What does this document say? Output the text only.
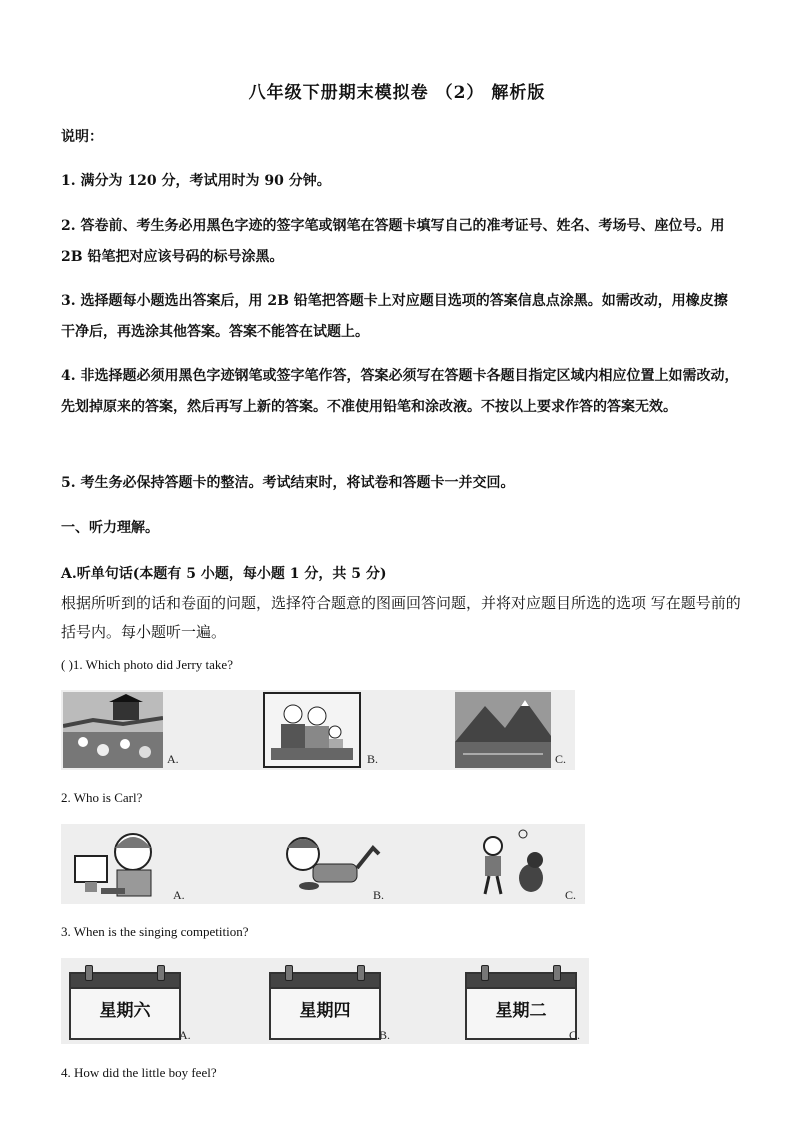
八年级下册期末模拟卷 （2） 解析版
说明：
1. 满分为 120 分，考试用时为 90 分钟。
2. 答卷前、考生务必用黑色字迹的签字笔或钢笔在答题卡填写自己的准考证号、姓名、考场号、座位号。用 2B 铅笔把对应该号码的标号涂黑。
3. 选择题每小题选出答案后，用 2B 铅笔把答题卡上对应题目选项的答案信息点涂黑。如需改动，用橡皮擦干净后，再选涂其他答案。答案不能答在试题上。
4. 非选择题必须用黑色字迹钢笔或签字笔作答，答案必须写在答题卡各题目指定区域内相应位置上如需改动，先划掉原来的答案，然后再写上新的答案。不准使用铅笔和涂改液。不按以上要求作答的答案无效。
5. 考生务必保持答题卡的整洁。考试结束时，将试卷和答题卡一并交回。
一、听力理解。
A.听单句话(本题有 5 小题，每小题 1 分，共 5 分)
根据所听到的话和卷面的问题，选择符合题意的图画回答问题，并将对应题目所选的选项 写在题号前的括号内。每小题听一遍。
( )1. Which photo did Jerry take?
A.	B.	C.
2. Who is Carl?
A.	B.	C.
3. When is the singing competition?
星期六
A.
星期四
B.
星期二
C.
4. How did the little boy feel?
